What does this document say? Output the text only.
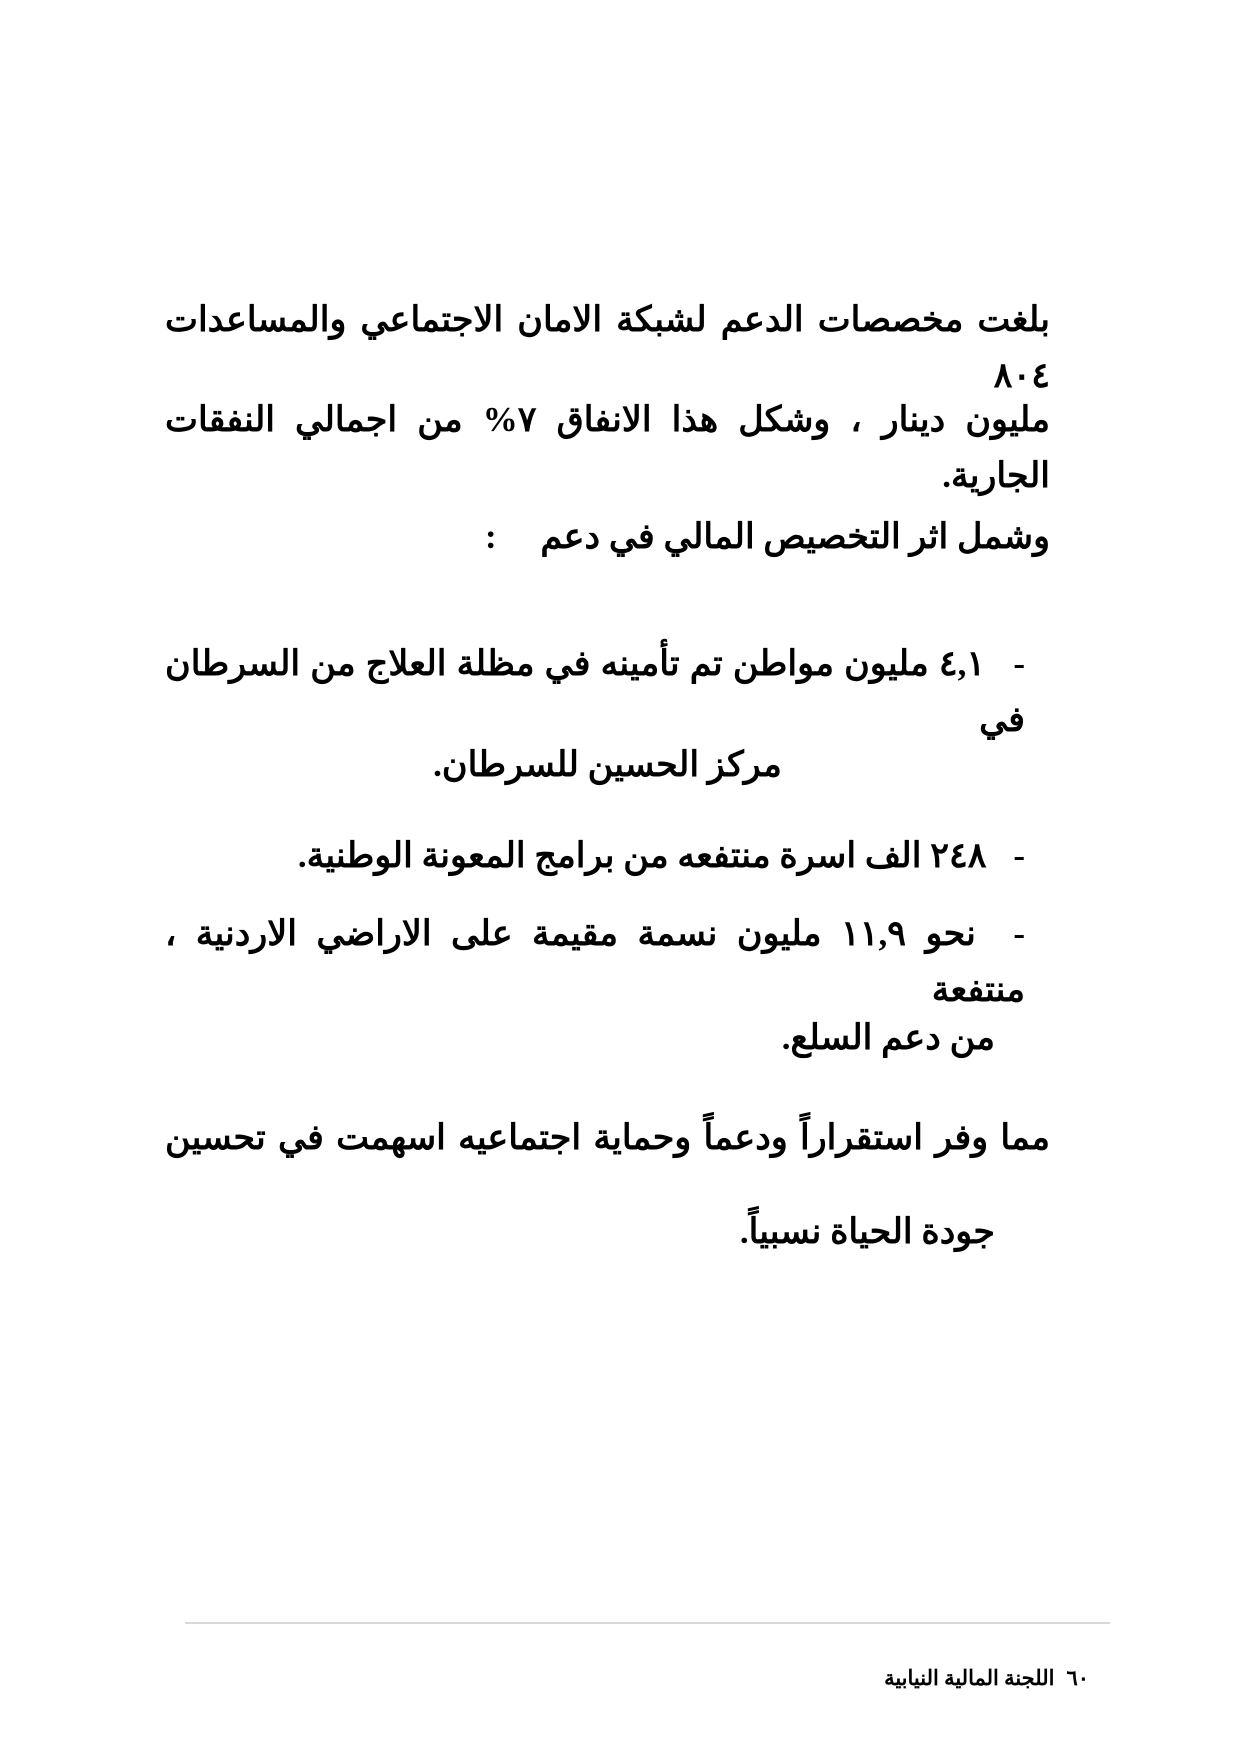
بلغت مخصصات الدعم لشبكة الامان الاجتماعي والمساعدات ٨٠٤
مليون دينار ، وشكل هذا الانفاق ٧% من اجمالي النفقات الجارية.
وشمل اثر التخصيص المالي في دعم     :
- ٤,١ مليون مواطن تم تأمينه في مظلة العلاج من السرطان في
مركز الحسين للسرطان.
- ٢٤٨ الف اسرة منتفعه من برامج المعونة الوطنية.
- نحو ١١,٩ مليون نسمة مقيمة على الاراضي الاردنية ، منتفعة
من دعم السلع.
مما وفر استقراراً ودعماً وحماية اجتماعيه اسهمت في تحسين
جودة الحياة نسبياً.

٦٠اللجنة المالية النيابية
